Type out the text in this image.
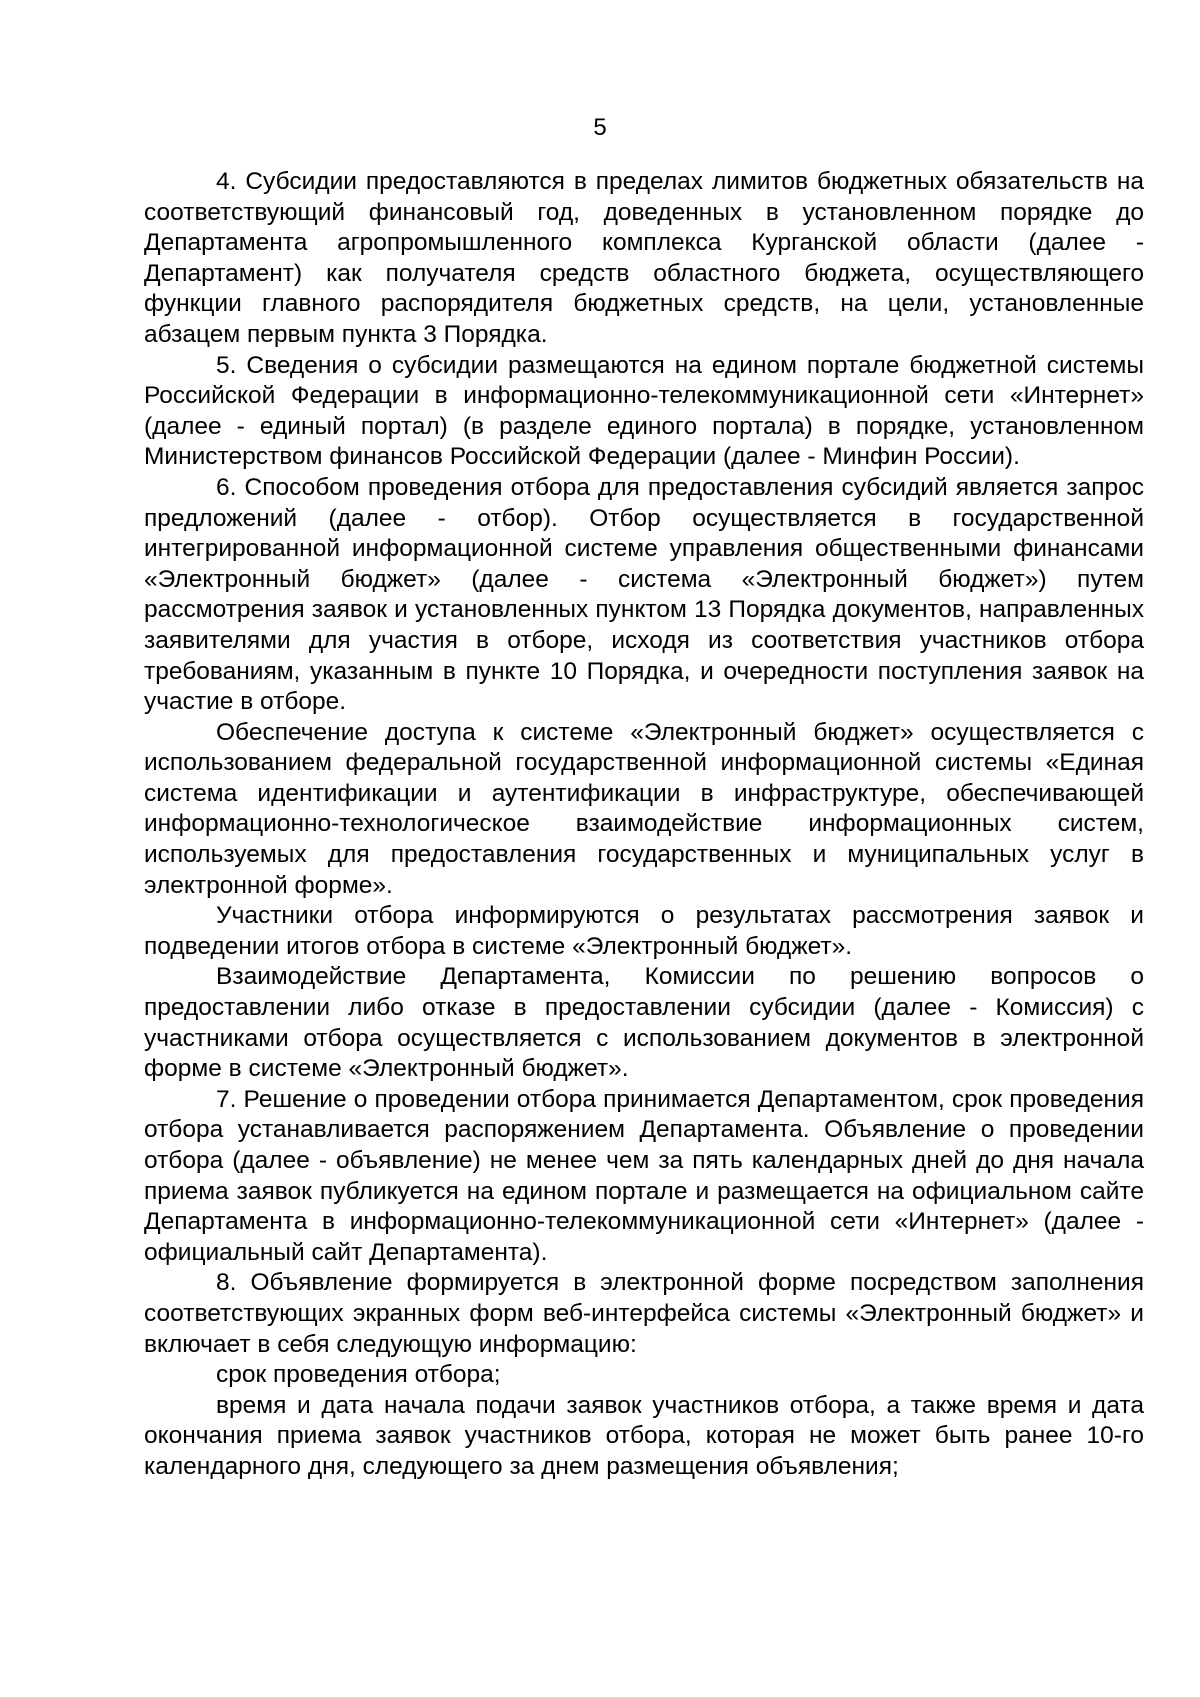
5

4. Субсидии предоставляются в пределах лимитов бюджетных обязательств на соответствующий финансовый год, доведенных в установленном порядке до Департамента агропромышленного комплекса Курганской области (далее - Департамент) как получателя средств областного бюджета, осуществляющего функции главного распорядителя бюджетных средств, на цели, установленные абзацем первым пункта 3 Порядка.

5. Сведения о субсидии размещаются на едином портале бюджетной системы Российской Федерации в информационно-телекоммуникационной сети «Интернет» (далее - единый портал) (в разделе единого портала) в порядке, установленном Министерством финансов Российской Федерации (далее - Минфин России).

6. Способом проведения отбора для предоставления субсидий является запрос предложений (далее - отбор). Отбор осуществляется в государственной интегрированной информационной системе управления общественными финансами «Электронный бюджет» (далее - система «Электронный бюджет») путем рассмотрения заявок и установленных пунктом 13 Порядка документов, направленных заявителями для участия в отборе, исходя из соответствия участников отбора требованиям, указанным в пункте 10 Порядка, и очередности поступления заявок на участие в отборе.

Обеспечение доступа к системе «Электронный бюджет» осуществляется с использованием федеральной государственной информационной системы «Единая система идентификации и аутентификации в инфраструктуре, обеспечивающей информационно-технологическое взаимодействие информационных систем, используемых для предоставления государственных и муниципальных услуг в электронной форме».

Участники отбора информируются о результатах рассмотрения заявок и подведении итогов отбора в системе «Электронный бюджет».

Взаимодействие Департамента, Комиссии по решению вопросов о предоставлении либо отказе в предоставлении субсидии (далее - Комиссия) с участниками отбора осуществляется с использованием документов в электронной форме в системе «Электронный бюджет».

7. Решение о проведении отбора принимается Департаментом, срок проведения отбора устанавливается распоряжением Департамента. Объявление о проведении отбора (далее - объявление) не менее чем за пять календарных дней до дня начала приема заявок публикуется на едином портале и размещается на официальном сайте Департамента в информационно-телекоммуникационной сети «Интернет» (далее - официальный сайт Департамента).

8. Объявление формируется в электронной форме посредством заполнения соответствующих экранных форм веб-интерфейса системы «Электронный бюджет» и включает в себя следующую информацию:

срок проведения отбора;

время и дата начала подачи заявок участников отбора, а также время и дата окончания приема заявок участников отбора, которая не может быть ранее 10-го календарного дня, следующего за днем размещения объявления;
